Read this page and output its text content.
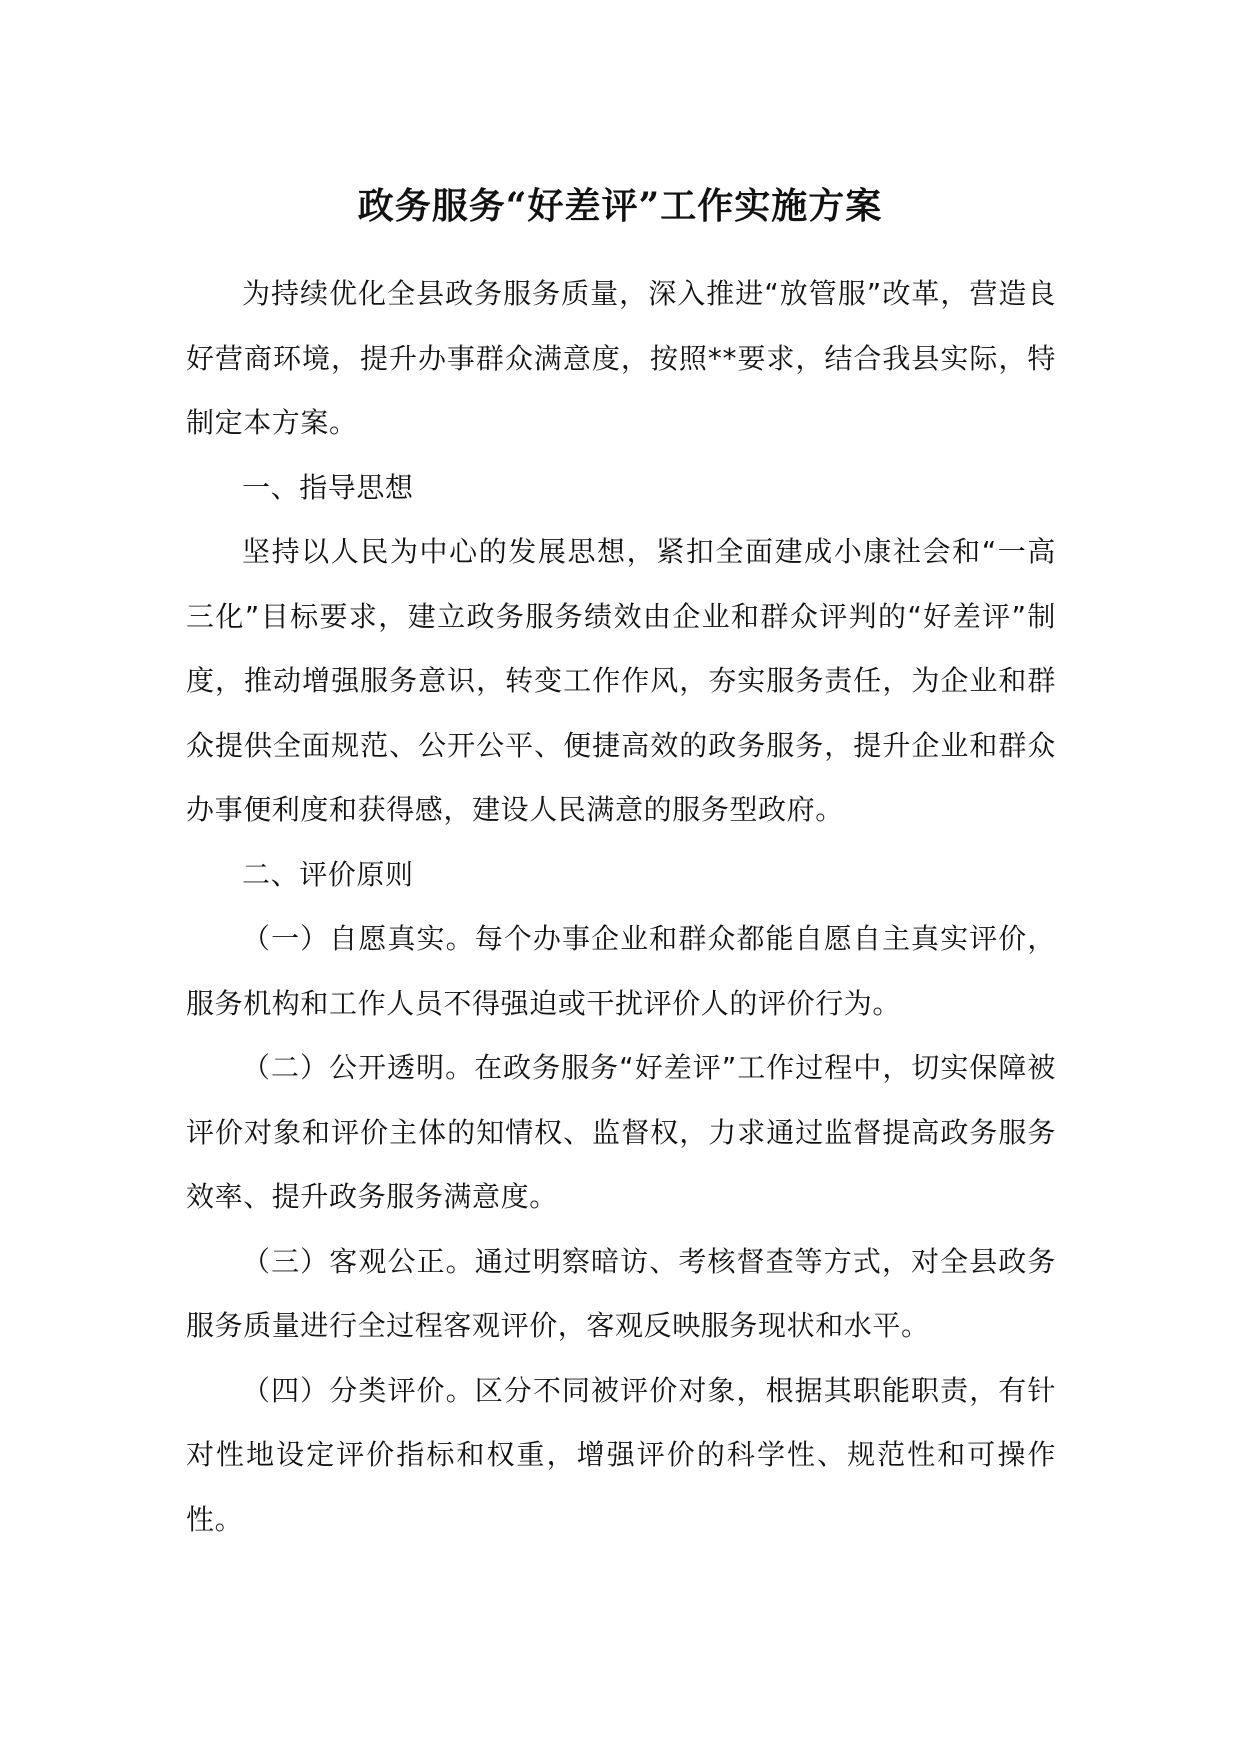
政务服务“好差评”工作实施方案

为持续优化全县政务服务质量，深入推进“放管服”改革，营造良好营商环境，提升办事群众满意度，按照**要求，结合我县实际，特制定本方案。

一、指导思想

坚持以人民为中心的发展思想，紧扣全面建成小康社会和“一高三化”目标要求，建立政务服务绩效由企业和群众评判的“好差评”制度，推动增强服务意识，转变工作作风，夯实服务责任，为企业和群众提供全面规范、公开公平、便捷高效的政务服务，提升企业和群众办事便利度和获得感，建设人民满意的服务型政府。

二、评价原则

（一）自愿真实。每个办事企业和群众都能自愿自主真实评价，服务机构和工作人员不得强迫或干扰评价人的评价行为。

（二）公开透明。在政务服务“好差评”工作过程中，切实保障被评价对象和评价主体的知情权、监督权，力求通过监督提高政务服务效率、提升政务服务满意度。

（三）客观公正。通过明察暗访、考核督查等方式，对全县政务服务质量进行全过程客观评价，客观反映服务现状和水平。

（四）分类评价。区分不同被评价对象，根据其职能职责，有针对性地设定评价指标和权重，增强评价的科学性、规范性和可操作性。
